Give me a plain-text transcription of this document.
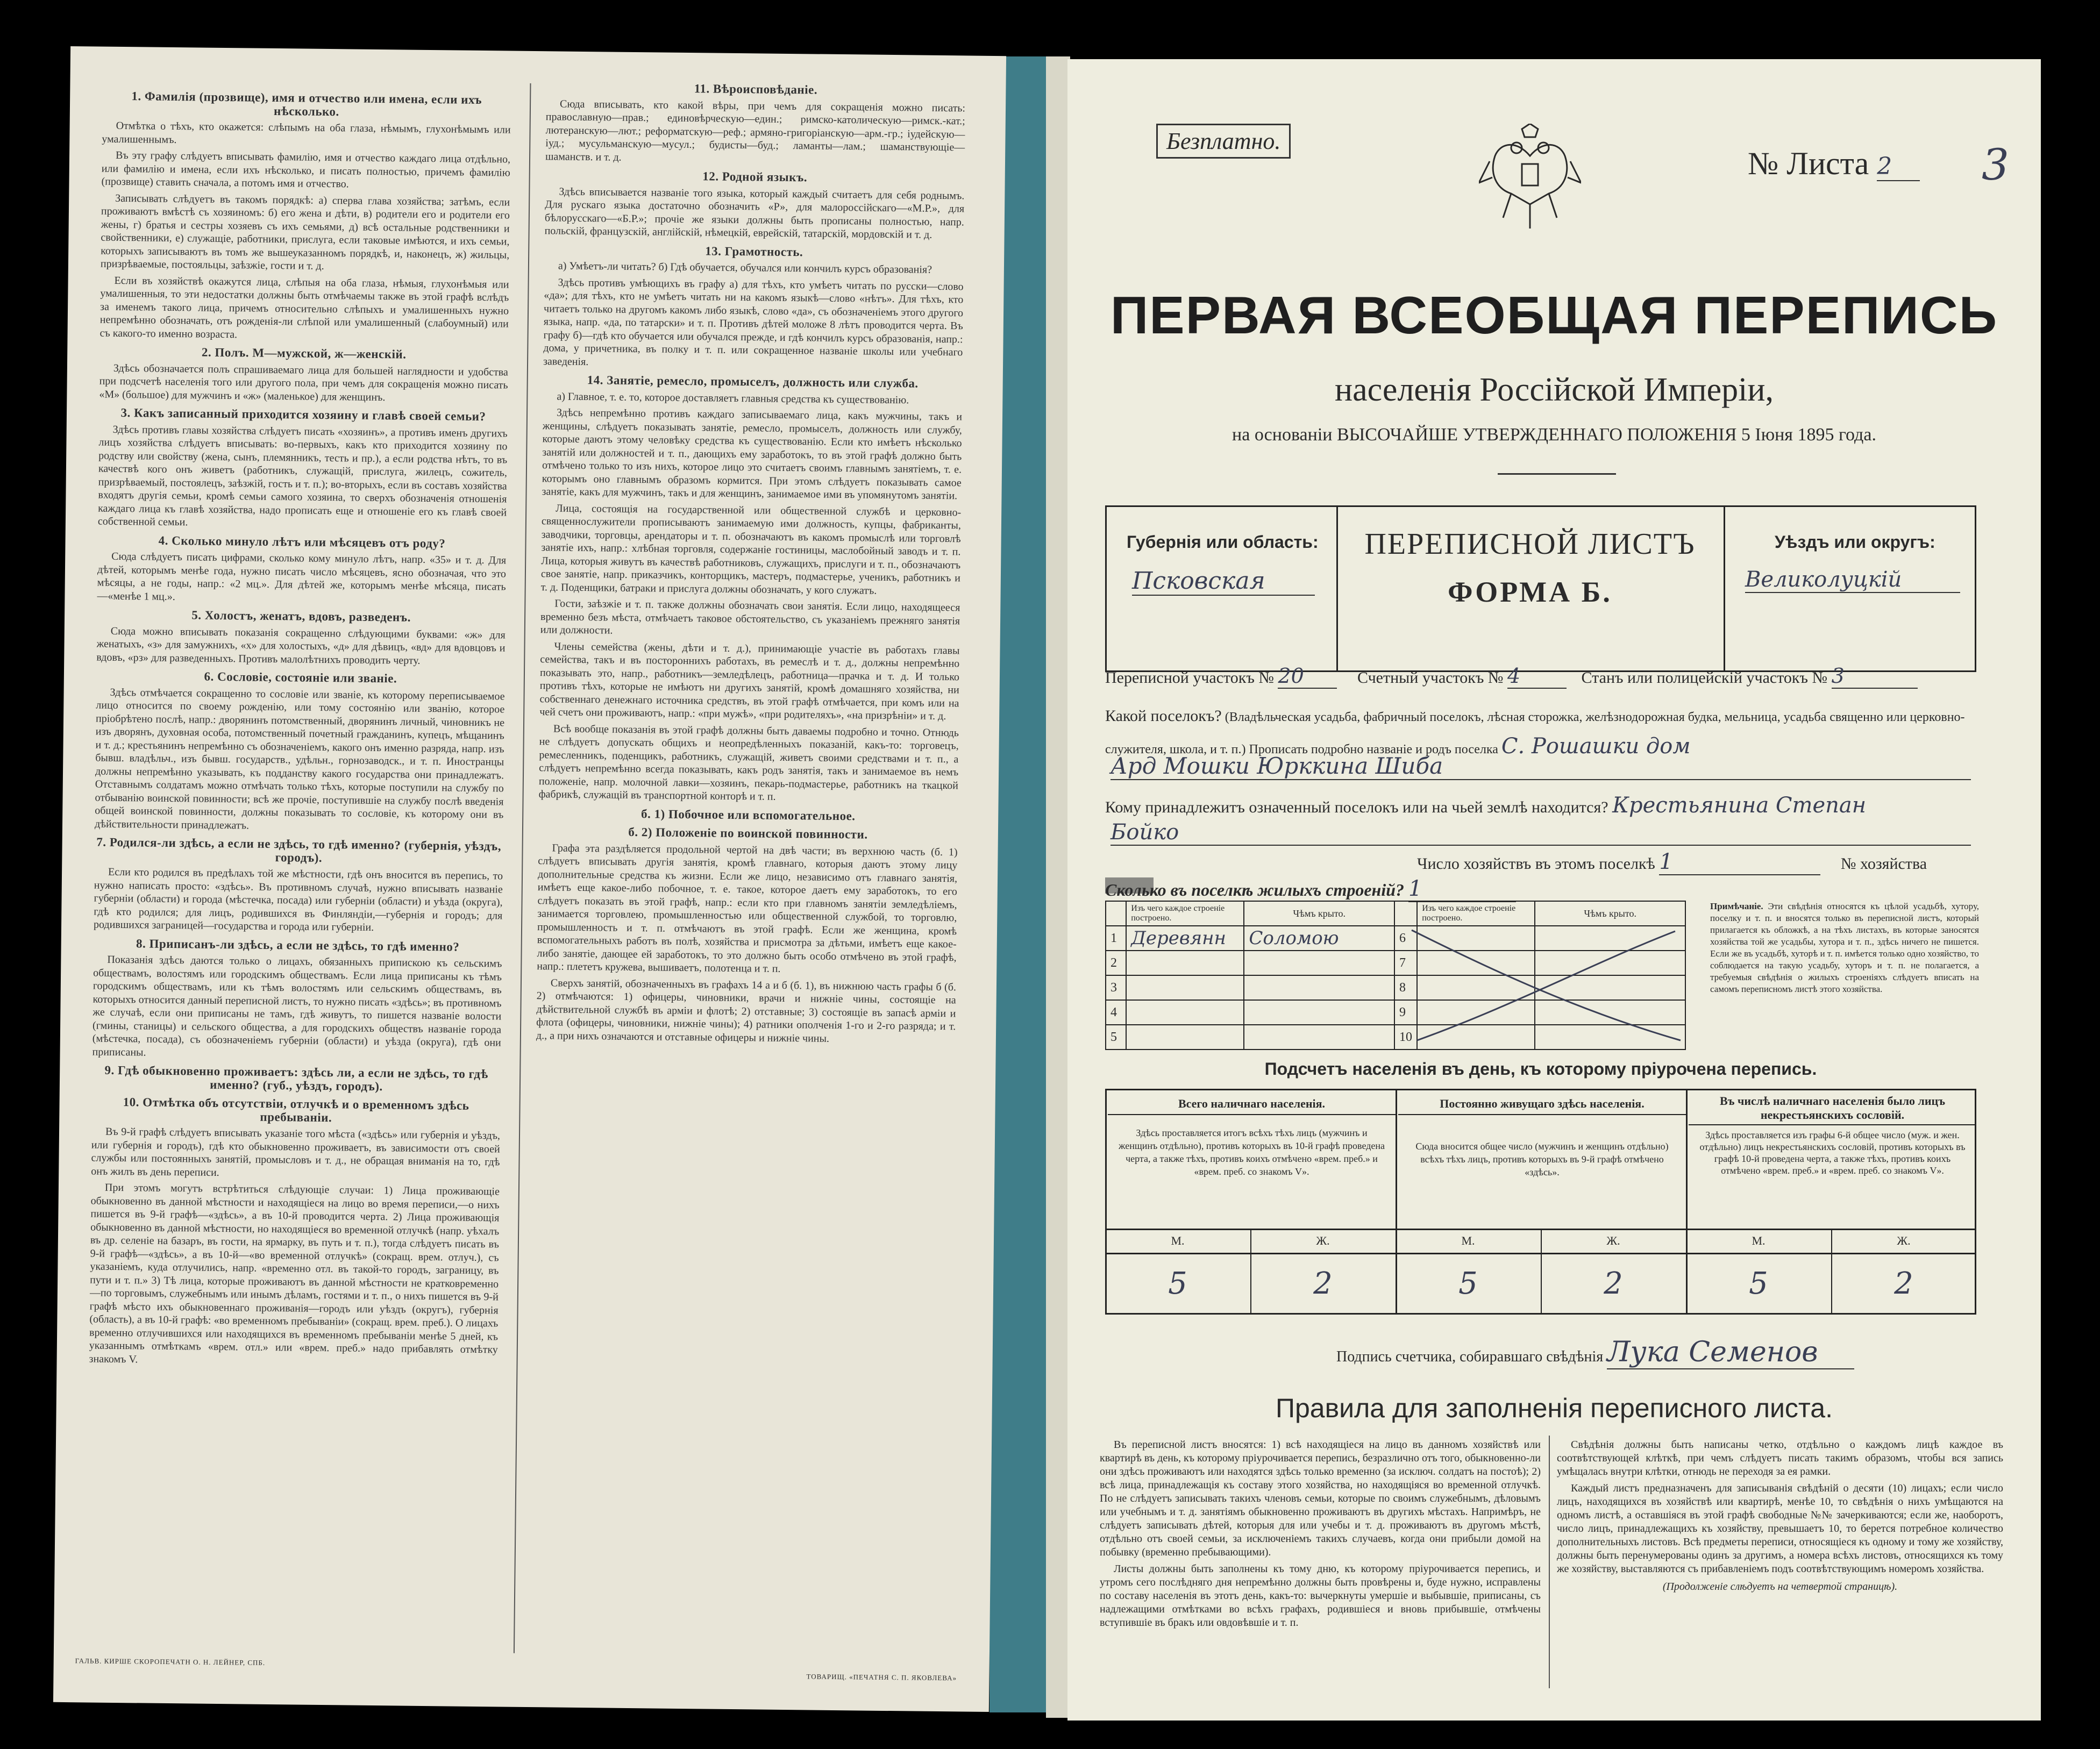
1. Фамилія (прозвище), имя и отчество или имена, если ихъ нѣсколько.

Отмѣтка о тѣхъ, кто окажется: слѣпымъ на оба глаза, нѣмымъ, глухонѣмымъ или умалишеннымъ.

Въ эту графу слѣдуетъ вписывать фамилію, имя и отчество каждаго лица отдѣльно, или фамилію и имена, если ихъ нѣсколько, и писать полностью, причемъ фамилію (прозвище) ставить сначала, а потомъ имя и отчество.

Записывать слѣдуетъ въ такомъ порядкѣ: а) сперва глава хозяйства; затѣмъ, если проживаютъ вмѣстѣ съ хозяиномъ: б) его жена и дѣти, в) родители его и родители его жены, г) братья и сестры хозяевъ съ ихъ семьями, д) всѣ остальные родственники и свойственники, е) служащіе, работники, прислуга, если таковые имѣются, и ихъ семьи, которыхъ записываютъ въ томъ же вышеуказанномъ порядкѣ, и, наконецъ, ж) жильцы, призрѣваемые, постояльцы, заѣзжіе, гости и т. д.

Если въ хозяйствѣ окажутся лица, слѣпыя на оба глаза, нѣмыя, глухонѣмыя или умалишенныя, то эти недостатки должны быть отмѣчаемы также въ этой графѣ вслѣдъ за именемъ такого лица, причемъ относительно слѣпыхъ и умалишенныхъ нужно непремѣнно обозначать, отъ рожденія-ли слѣпой или умалишенный (слабоумный) или съ какого-то именно возраста.

2. Полъ. М—мужской, ж—женскій.

Здѣсь обозначается полъ спрашиваемаго лица для большей наглядности и удобства при подсчетѣ населенія того или другого пола, при чемъ для сокращенія можно писать «М» (большое) для мужчинъ и «ж» (маленькое) для женщинъ.

3. Какъ записанный приходится хозяину и главѣ своей семьи?

Здѣсь противъ главы хозяйства слѣдуетъ писать «хозяинъ», а противъ именъ другихъ лицъ хозяйства слѣдуетъ вписывать: во-первыхъ, какъ кто приходится хозяину по родству или свойству (жена, сынъ, племянникъ, тесть и пр.), а если родства нѣтъ, то въ качествѣ кого онъ живетъ (работникъ, служащій, прислуга, жилецъ, сожитель, призрѣваемый, постоялецъ, заѣзжій, гость и т. п.); во-вторыхъ, если въ составъ хозяйства входятъ другія семьи, кромѣ семьи самого хозяина, то сверхъ обозначенія отношенія каждаго лица къ главѣ хозяйства, надо прописать еще и отношеніе его къ главѣ своей собственной семьи.

4. Сколько минуло лѣтъ или мѣсяцевъ отъ роду?

Сюда слѣдуетъ писать цифрами, сколько кому минуло лѣтъ, напр. «35» и т. д. Для дѣтей, которымъ менѣе года, нужно писать число мѣсяцевъ, ясно обозначая, что это мѣсяцы, а не годы, напр.: «2 мц.». Для дѣтей же, которымъ менѣе мѣсяца, писать—«менѣе 1 мц.».

5. Холостъ, женатъ, вдовъ, разведенъ.

Сюда можно вписывать показанія сокращенно слѣдующими буквами: «ж» для женатыхъ, «з» для замужнихъ, «х» для холостыхъ, «д» для дѣвицъ, «вд» для вдовцовъ и вдовъ, «рз» для разведенныхъ. Противъ малолѣтнихъ проводить черту.

6. Сословіе, состояніе или званіе.

Здѣсь отмѣчается сокращенно то сословіе или званіе, къ которому переписываемое лицо относится по своему рожденію, или тому состоянію или званію, которое пріобрѣтено послѣ, напр.: дворянинъ потомственный, дворянинъ личный, чиновникъ не изъ дворянъ, духовная особа, потомственный почетный гражданинъ, купецъ, мѣщанинъ и т. д.; крестьянинъ непремѣнно съ обозначеніемъ, какого онъ именно разряда, напр. изъ бывш. владѣльч., изъ бывш. государств., удѣльн., горнозаводск., и т. п. Иностранцы должны непремѣнно указывать, къ подданству какого государства они принадлежатъ. Отставнымъ солдатамъ можно отмѣчать только тѣхъ, которые поступили на службу по отбыванію воинской повинности; всѣ же прочіе, поступившіе на службу послѣ введенія общей воинской повинности, должны показывать то сословіе, къ которому они въ дѣйствительности принадлежатъ.

7. Родился-ли здѣсь, а если не здѣсь, то гдѣ именно? (губернія, уѣздъ, городъ).

Если кто родился въ предѣлахъ той же мѣстности, гдѣ онъ вносится въ перепись, то нужно написать просто: «здѣсь». Въ противномъ случаѣ, нужно вписывать названіе губерніи (области) и города (мѣстечка, посада) или губерніи (области) и уѣзда (округа), гдѣ кто родился; для лицъ, родившихся въ Финляндіи,—губернія и городъ; для родившихся заграницей—государства и города или губерніи.

8. Приписанъ-ли здѣсь, а если не здѣсь, то гдѣ именно?

Показанія здѣсь даются только о лицахъ, обязанныхъ припискою къ сельскимъ обществамъ, волостямъ или городскимъ обществамъ. Если лица приписаны къ тѣмъ городскимъ обществамъ, или къ тѣмъ волостямъ или сельскимъ обществамъ, въ которыхъ относится данный переписной листъ, то нужно писать «здѣсь»; въ противномъ же случаѣ, если они приписаны не тамъ, гдѣ живутъ, то пишется названіе волости (гмины, станицы) и сельского общества, а для городскихъ обществъ названіе города (мѣстечка, посада), съ обозначеніемъ губерніи (области) и уѣзда (округа), гдѣ они приписаны.

9. Гдѣ обыкновенно проживаетъ: здѣсь ли, а если не здѣсь, то гдѣ именно? (губ., уѣздъ, городъ).
10. Отмѣтка объ отсутствіи, отлучкѣ и о временномъ здѣсь пребываніи.

Въ 9-й графѣ слѣдуетъ вписывать указаніе того мѣста («здѣсь» или губернія и уѣздъ, или губернія и городъ), гдѣ кто обыкновенно проживаетъ, въ зависимости отъ своей службы или постоянныхъ занятій, промысловъ и т. д., не обращая вниманія на то, гдѣ онъ жилъ въ день переписи.

При этомъ могутъ встрѣтиться слѣдующіе случаи: 1) Лица проживающіе обыкновенно въ данной мѣстности и находящіеся на лицо во время переписи,—о нихъ пишется въ 9-й графѣ—«здѣсь», а въ 10-й проводится черта. 2) Лица проживающія обыкновенно въ данной мѣстности, но находящіеся во временной отлучкѣ (напр. уѣхалъ въ др. селеніе на базаръ, въ гости, на ярмарку, въ путь и т. п.), тогда слѣдуетъ писать въ 9-й графѣ—«здѣсь», а въ 10-й—«во временной отлучкѣ» (сокращ. врем. отлуч.), съ указаніемъ, куда отлучились, напр. «временно отл. въ такой-то городъ, заграницу, въ пути и т. п.» 3) Тѣ лица, которые проживаютъ въ данной мѣстности не кратковременно—по торговымъ, служебнымъ или инымъ дѣламъ, гостями и т. п., о нихъ пишется въ 9-й графѣ мѣсто ихъ обыкновеннаго проживанія—городъ или уѣздъ (округъ), губернія (область), а въ 10-й графѣ: «во временномъ пребываніи» (сокращ. врем. преб.). О лицахъ временно отлучившихся или находящихся въ временномъ пребываніи менѣе 5 дней, къ указаннымъ отмѣткамъ «врем. отл.» или «врем. преб.» надо прибавлять отмѣтку знакомъ V.

11. Вѣроисповѣданіе.

Сюда вписывать, кто какой вѣры, при чемъ для сокращенія можно писать: православную—прав.; единовѣрческую—един.; римско-католическую—римск.-кат.; лютеранскую—лют.; реформатскую—реф.; армяно-григоріанскую—арм.-гр.; іудейскую—іуд.; мусульманскую—мусул.; будисты—буд.; ламанты—лам.; шаманствующіе—шаманств. и т. д.

12. Родной языкъ.

Здѣсь вписывается названіе того языка, который каждый считаетъ для себя роднымъ. Для рускаго языка достаточно обозначить «Р», для малороссійскаго—«М.Р.», для бѣлорусскаго—«Б.Р.»; прочіе же языки должны быть прописаны полностью, напр. польскій, французскій, англійскій, нѣмецкій, еврейскій, татарскій, мордовскій и т. д.

13. Грамотность.

а) Умѣетъ-ли читать? б) Гдѣ обучается, обучался или кончилъ курсъ образованія?

Здѣсь противъ умѣющихъ въ графу а) для тѣхъ, кто умѣетъ читать по русски—слово «да»; для тѣхъ, кто не умѣетъ читать ни на какомъ языкѣ—слово «нѣтъ». Для тѣхъ, кто читаетъ только на другомъ какомъ либо языкѣ, слово «да», съ обозначеніемъ этого другого языка, напр. «да, по татарски» и т. п. Противъ дѣтей моложе 8 лѣтъ проводится черта. Въ графу б)—гдѣ кто обучается или обучался прежде, и гдѣ кончилъ курсъ образованія, напр.: дома, у причетника, въ полку и т. п. или сокращенное названіе школы или учебнаго заведенія.

14. Занятіе, ремесло, промыселъ, должность или служба.

а) Главное, т. е. то, которое доставляетъ главныя средства къ существованію.

Здѣсь непремѣнно противъ каждаго записываемаго лица, какъ мужчины, такъ и женщины, слѣдуетъ показывать занятіе, ремесло, промыселъ, должность или службу, которые даютъ этому человѣку средства къ существованію. Если кто имѣетъ нѣсколько занятій или должностей и т. п., дающихъ ему заработокъ, то въ этой графѣ должно быть отмѣчено только то изъ нихъ, которое лицо это считаетъ своимъ главнымъ занятіемъ, т. е. которымъ оно главнымъ образомъ кормится. При этомъ слѣдуетъ показывать самое занятіе, какъ для мужчинъ, такъ и для женщинъ, занимаемое ими въ упомянутомъ занятіи.

Лица, состоящія на государственной или общественной службѣ и церковно-священнослужители прописываютъ занимаемую ими должность, купцы, фабриканты, заводчики, торговцы, арендаторы и т. п. обозначаютъ въ какомъ промыслѣ или торговлѣ занятіе ихъ, напр.: хлѣбная торговля, содержаніе гостиницы, маслобойный заводъ и т. п. Лица, которыя живутъ въ качествѣ работниковъ, служащихъ, прислуги и т. п., обозначаютъ свое занятіе, напр. приказчикъ, конторщикъ, мастеръ, подмастерье, ученикъ, работникъ и т. д. Поденщики, батраки и прислуга должны обозначать, у кого служатъ.

Гости, заѣзжіе и т. п. также должны обозначать свои занятія. Если лицо, находящееся временно безъ мѣста, отмѣчаетъ таковое обстоятельство, съ указаніемъ прежняго занятія или должности.

Члены семейства (жены, дѣти и т. д.), принимающіе участіе въ работахъ главы семейства, такъ и въ постороннихъ работахъ, въ ремеслѣ и т. д., должны непремѣнно показывать это, напр., работникъ—земледѣлецъ, работница—прачка и т. д. И только противъ тѣхъ, которые не имѣютъ ни другихъ занятій, кромѣ домашняго хозяйства, ни собственнаго денежнаго источника средствъ, въ этой графѣ отмѣчается, при комъ или на чей счетъ они проживаютъ, напр.: «при мужѣ», «при родителяхъ», «на призрѣніи» и т. д.

Всѣ вообще показанія въ этой графѣ должны быть даваемы подробно и точно. Отнюдь не слѣдуетъ допускать общихъ и неопредѣленныхъ показаній, какъ-то: торговецъ, ремесленникъ, поденщикъ, работникъ, служащій, живетъ своими средствами и т. п., а слѣдуетъ непремѣнно всегда показывать, какъ родъ занятія, такъ и занимаемое въ немъ положеніе, напр. молочной лавки—хозяинъ, пекарь-подмастерье, работникъ на ткацкой фабрикѣ, служащій въ транспортной конторѣ и т. п.

б. 1) Побочное или вспомогательное.
б. 2) Положеніе по воинской повинности.

Графа эта раздѣляется продольной чертой на двѣ части; въ верхнюю часть (б. 1) слѣдуетъ вписывать другія занятія, кромѣ главнаго, которыя даютъ этому лицу дополнительные средства къ жизни. Если же лицо, независимо отъ главнаго занятія, имѣетъ еще какое-либо побочное, т. е. такое, которое даетъ ему заработокъ, то его слѣдуетъ показать въ этой графѣ, напр.: если кто при главномъ занятіи земледѣліемъ, занимается торговлею, промышленностью или общественной службой, то торговлю, промышленность и т. п. отмѣчаютъ въ этой графѣ. Если же женщина, кромѣ вспомогательныхъ работъ въ полѣ, хозяйства и присмотра за дѣтьми, имѣетъ еще какое-либо занятіе, дающее ей заработокъ, то это должно быть особо отмѣчено въ этой графѣ, напр.: плететъ кружева, вышиваетъ, полотенца и т. п.

Сверхъ занятій, обозначенныхъ въ графахъ 14 а и б (б. 1), въ нижнюю часть графы б (б. 2) отмѣчаются: 1) офицеры, чиновники, врачи и нижніе чины, состоящіе на дѣйствительной службѣ въ армiи и флотѣ; 2) отставные; 3) состоящіе въ запасѣ арміи и флота (офицеры, чиновники, нижніе чины); 4) ратники ополченія 1-го и 2-го разряда; и т. д., а при нихъ означаются и отставные офицеры и нижніе чины.

ГАЛЬВ. КИРШЕ СКОРОПЕЧАТН О. Н. ЛЕЙНЕР, СПБ.
ТОВАРИЩ. «ПЕЧАТНЯ С. П. ЯКОВЛЕВА»
Безплатно.
№ Листа 2	3
ПЕРВАЯ ВСЕОБЩАЯ ПЕРЕПИСЬ
населенія Россійской Имперіи,
на основаніи ВЫСОЧАЙШЕ УТВЕРЖДЕННАГО ПОЛОЖЕНІЯ 5 Іюня 1895 года.
Губернія или область:
Псковская
ПЕРЕПИСНОЙ ЛИСТЪ
ФОРМА Б.
Уѣздъ или округъ:
Великолуцкій
Переписной участокъ № 20	Счетный участокъ № 4	Станъ или полицейскій участокъ № 3
Какой поселокъ? (Владѣльческая усадьба, фабричный поселокъ, лѣсная сторожка, желѣзнодорожная будка, мельница, усадьба священно или церковно-служителя, школа, и т. п.) Прописать подробно названіе и родъ поселка С. Рошашки дом
Ард Мошки Юрккина Шиба
Кому принадлежитъ означенный поселокъ или на чьей землѣ находится? Крестьянина Степан
Бойко
Число хозяйствъ въ этомъ поселкѣ 1	№ хозяйства
Сколько въ поселкѣ жилыхъ строеній? 1
	Изъ чего каждое строеніе построено.	Чѣмъ крыто.		Изъ чего каждое строеніе построено.	Чѣмъ крыто.
1	Деревянн	Соломою	6		
2			7		
3			8		
4			9		
5			10		
Примѣчаніе. Эти свѣдѣнія относятся къ цѣлой усадьбѣ, хутору, поселку и т. п. и вносятся только въ переписной листъ, который прилагается къ обложкѣ, а на тѣхъ листахъ, въ которые заносятся хозяйства той же усадьбы, хутора и т. п., здѣсь ничего не пишется. Если же въ усадьбѣ, хуторѣ и т. п. имѣется только одно хозяйство, то соблюдается на такую усадьбу, хуторъ и т. п. не полагается, а требуемыя свѣдѣнія о жилыхъ строеніяхъ слѣдуетъ вписать на самомъ переписномъ листѣ этого хозяйства.
Подсчетъ населенія въ день, къ которому пріурочена перепись.
Всего наличнаго населенія.
Здѣсь проставляется итогъ всѣхъ тѣхъ лицъ (мужчинъ и женщинъ отдѣльно), противъ которыхъ въ 10-й графѣ проведена черта, а также тѣхъ, противъ коихъ отмѣчено «врем. преб.» и «врем. преб. со знакомъ V».
Постоянно живущаго здѣсь населенія.
Сюда вносится общее число (мужчинъ и женщинъ отдѣльно) всѣхъ тѣхъ лицъ, противъ которыхъ въ 9-й графѣ отмѣчено «здѣсь».
Въ числѣ наличнаго населенія было лицъ некрестьянскихъ сословій.
Здѣсь проставляется изъ графы 6-й общее число (муж. и жен. отдѣльно) лицъ некрестьянскихъ сословій, противъ которыхъ въ графѣ 10-й проведена черта, а также тѣхъ, противъ коихъ отмѣчено «врем. преб.» и «врем. преб. со знакомъ V».
М.	Ж.	М.	Ж.	М.	Ж.
5	2	5	2	5	2
Подпись счетчика, собиравшаго свѣдѣнія Лука Семенов
Правила для заполненія переписного листа.

Въ переписной листъ вносятся: 1) всѣ находящіеся на лицо въ данномъ хозяйствѣ или квартирѣ въ день, къ которому пріурочивается перепись, безразлично отъ того, обыкновенно-ли они здѣсь проживаютъ или находятся здѣсь только временно (за исключ. солдатъ на постоѣ); 2) всѣ лица, принадлежащія къ составу этого хозяйства, но находящіяся во временной отлучкѣ. По не слѣдуетъ записывать такихъ членовъ семьи, которые по своимъ служебнымъ, дѣловымъ или учебнымъ и т. д. занятіямъ обыкновенно проживаютъ въ другихъ мѣстахъ. Напримѣръ, не слѣдуетъ записывать дѣтей, которыя для или учебы и т. д. проживаютъ въ другомъ мѣстѣ, отдѣльно отъ своей семьи, за исключеніемъ такихъ случаевъ, когда они прибыли домой на побывку (временно пребывающими).

Листы должны быть заполнены къ тому дню, къ которому пріурочивается перепись, и утромъ сего послѣдняго дня непремѣнно должны быть провѣрены и, буде нужно, исправлены по составу населенія въ этотъ день, какъ-то: вычеркнуты умершіе и выбывшіе, приписаны, съ надлежащими отмѣтками во всѣхъ графахъ, родившіеся и вновь прибывшіе, отмѣчены вступившіе въ бракъ или овдовѣвшіе и т. п.

Свѣдѣнія должны быть написаны четко, отдѣльно о каждомъ лицѣ каждое въ соотвѣтствующей клѣткѣ, при чемъ слѣдуетъ писать такимъ образомъ, чтобы вся запись умѣщалась внутри клѣтки, отнюдь не переходя за ея рамки.

Каждый листъ предназначенъ для записыванія свѣдѣній о десяти (10) лицахъ; если число лицъ, находящихся въ хозяйствѣ или квартирѣ, менѣе 10, то свѣдѣнія о нихъ умѣщаются на одномъ листѣ, а оставшіяся въ этой графѣ свободные №№ зачеркиваются; если же, наоборотъ, число лицъ, принадлежащихъ къ хозяйству, превышаетъ 10, то берется потребное количество дополнительныхъ листовъ. Всѣ предметы переписи, относящіеся къ одному и тому же хозяйству, должны быть перенумерованы одинъ за другимъ, а номера всѣхъ листовъ, относящихся къ тому же хозяйству, выставляются съ прибавленіемъ подъ соотвѣтствующимъ номеромъ хозяйства.

(Продолженіе слѣдуетъ на четвертой страницѣ).
